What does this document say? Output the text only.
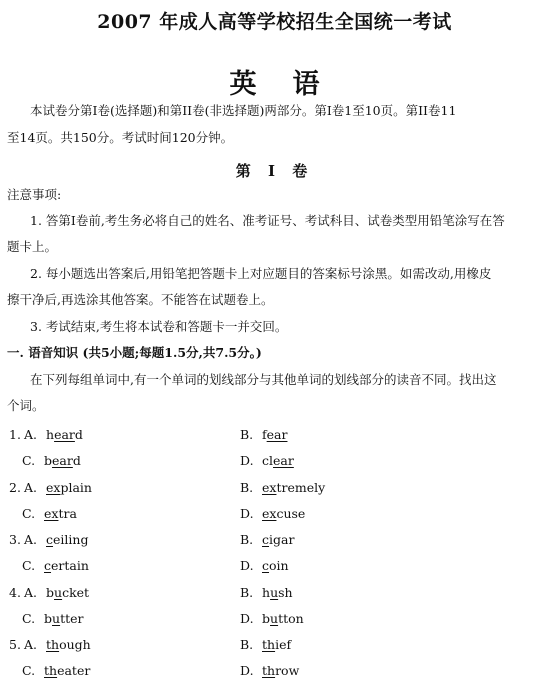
2007 年成人高等学校招生全国统一考试
英语
本试卷分第I卷(选择题)和第II卷(非选择题)两部分。第I卷1至10页。第II卷11
至14页。共150分。考试时间120分钟。
第 I 卷
注意事项:
1. 答第I卷前,考生务必将自己的姓名、准考证号、考试科目、试卷类型用铅笔涂写在答
题卡上。
2. 每小题选出答案后,用铅笔把答题卡上对应题目的答案标号涂黑。如需改动,用橡皮
擦干净后,再选涂其他答案。不能答在试题卷上。
3. 考试结束,考生将本试卷和答题卡一并交回。
一. 语音知识 (共5小题;每题1.5分,共7.5分。)
在下列每组单词中,有一个单词的划线部分与其他单词的划线部分的读音不同。找出这
个词。
1. A. heard	B. fear
C. beard	D. clear
2. A. explain	B. extremely
C. extra	D. excuse
3. A. ceiling	B. cigar
C. certain	D. coin
4. A. bucket	B. hush
C. butter	D. button
5. A. though	B. thief
C. theater	D. throw
